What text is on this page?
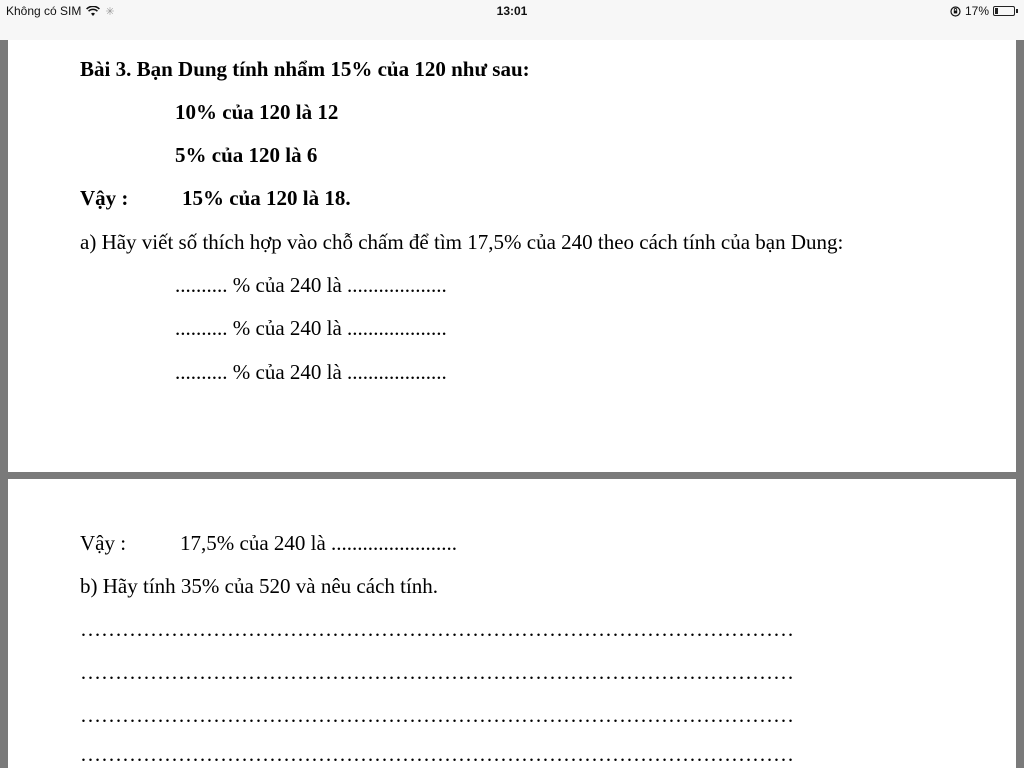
Không có SIM ✳	13:01	17%
Bài 3. Bạn Dung tính nhẩm 15% của 120 như sau:
10% của 120 là 12
5% của 120 là 6
Vậy :	15% của 120 là 18.
a) Hãy viết số thích hợp vào chỗ chấm để tìm 17,5% của 240 theo cách tính của bạn Dung:
.......... % của 240 là ...................
.......... % của 240 là ...................
.......... % của 240 là ...................
Vậy :	17,5% của 240 là ........................
b) Hãy tính 35% của 520 và nêu cách tính.
…………………………………………………………………………………………
…………………………………………………………………………………………
…………………………………………………………………………………………
…………………………………………………………………………………………
